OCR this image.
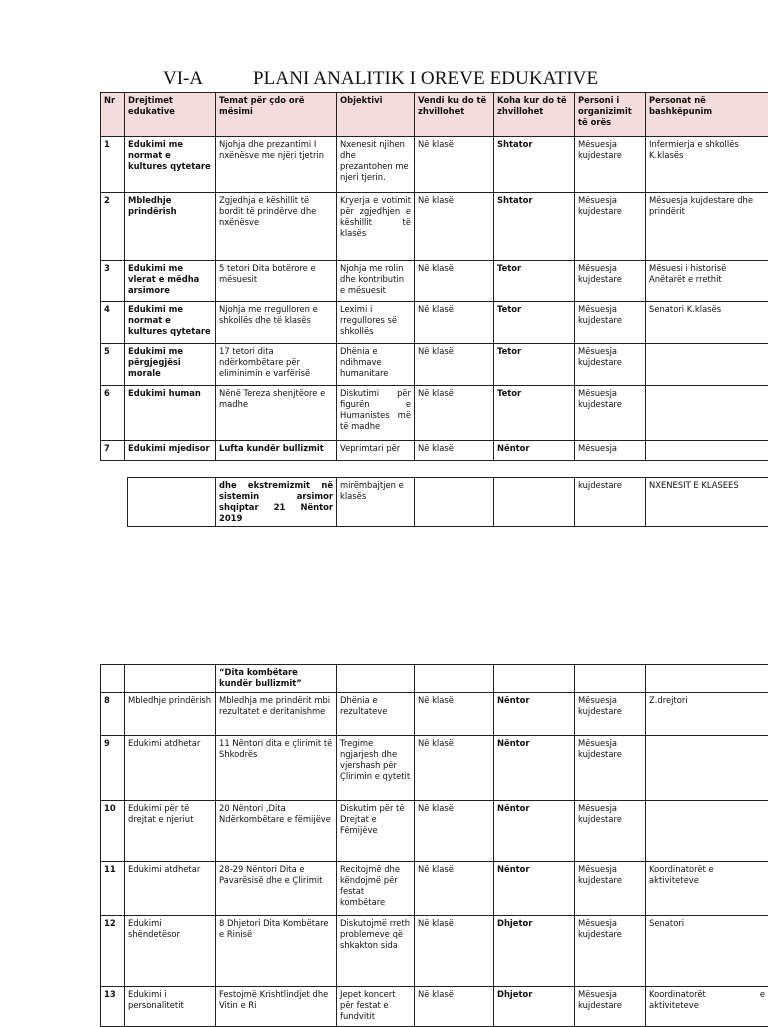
VI-A	PLANI ANALITIK I OREVE EDUKATIVE
Nr	Drejtimet edukative	Temat për çdo orë mësimi	Objektivi	Vendi ku do të zhvillohet	Koha kur do të zhvillohet	Personi i organizimit të orës	Personat në bashkëpunim
1	Edukimi me normat e kultures qytetare	Njohja dhe prezantimi I nxënësve me njëri tjetrin	Nxenesit njihen dhe prezantohen me njeri tjerin.	Në klasë	Shtator	Mësuesja kujdestare	Infermierja e shkollës K.klasës
2	Mbledhje prindërish	Zgjedhja e këshillit të bordit të prindërve dhe nxënësve	Kryerja e votimit për zgjedhjen e këshillit të klasës	Në klasë	Shtator	Mësuesja kujdestare	Mësuesja kujdestare dhe prindërit
3	Edukimi me vlerat e mëdha arsimore	5 tetori Dita botërore e mësuesit	Njohja me rolin dhe kontributin e mësuesit	Në klasë	Tetor	Mësuesja kujdestare	Mësuesi i historisë Anëtarët e rrethit
4	Edukimi me normat e kultures qytetare	Njohja me rregulloren e shkollës dhe të klasës	Leximi i rregullores së shkollës	Në klasë	Tetor	Mësuesja kujdestare	Senatori K.klasës
5	Edukimi me përgjegjësi morale	17 tetori dita ndërkombëtare për eliminimin e varfërisë	Dhënia e ndihmave humanitare	Në klasë	Tetor	Mësuesja kujdestare	
6	Edukimi human	Nënë Tereza shenjtëore e madhe	Diskutimi për figurën e Humanistes më të madhe	Në klasë	Tetor	Mësuesja kujdestare	
7	Edukimi mjedisor	Lufta kundër bullizmit	Veprimtari për	Në klasë	Nëntor	Mësuesja	
	dhe ekstremizmit në sistemin arsimor shqiptar 21 Nëntor 2019	mirëmbajtjen e klasës			kujdestare	NXENESIT E KLASEES
		“Dita kombëtare kundër bullizmit”					
8	Mbledhje prindërish	Mbledhja me prindërit mbi rezultatet e deritanishme	Dhënia e rezultateve	Në klasë	Nëntor	Mësuesja kujdestare	Z.drejtori
9	Edukimi atdhetar	11 Nëntori dita e çlirimit të Shkodrës	Tregime ngjarjesh dhe vjershash për Çlirimin e qytetit	Në klasë	Nëntor	Mësuesja kujdestare	
10	Edukimi për të drejtat e njeriut	20 Nëntori ,Dita Ndërkombëtare e fëmijëve	Diskutim për të Drejtat e Fëmijëve	Në klasë	Nëntor	Mësuesja kujdestare	
11	Edukimi atdhetar	28-29 Nëntori Dita e Pavarësisë dhe e Çlirimit	Recitojmë dhe këndojmë për festat kombëtare	Në klasë	Nëntor	Mësuesja kujdestare	Koordinatorët e aktiviteteve
12	Edukimi shëndetësor	8 Dhjetori Dita Kombëtare e Rinisë	Diskutojmë rreth problemeve që shkakton sida	Në klasë	Dhjetor	Mësuesja kujdestare	Senatori
13	Edukimi i personalitetit	Festojmë Krishtlindjet dhe Vitin e Ri	Jepet koncert për festat e fundvitit	Në klasë	Dhjetor	Mësuesja kujdestare	Koordinatorët e aktiviteteve
